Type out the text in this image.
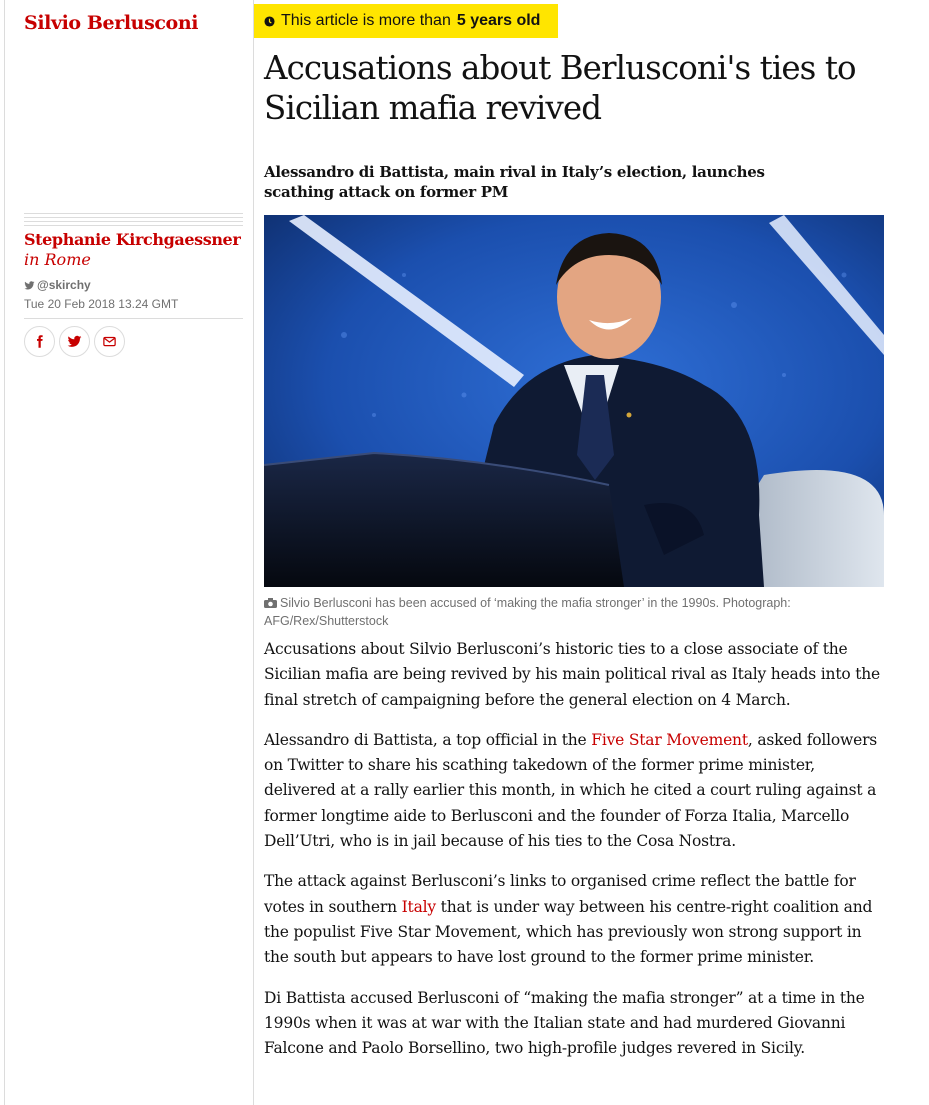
Silvio Berlusconi

Stephanie Kirchgaessner

in Rome

@skirchy
Tue 20 Feb 2018 13.24 GMT
This article is more than 5 years old
Accusations about Berlusconi's ties to Sicilian mafia revived

Alessandro di Battista, main rival in Italy’s election, launches scathing attack on former PM

Silvio Berlusconi has been accused of ‘making the mafia stronger’ in the 1990s. Photograph: AFG/Rex/Shutterstock

Accusations about Silvio Berlusconi’s historic ties to a close associate of the Sicilian mafia are being revived by his main political rival as Italy heads into the final stretch of campaigning before the general election on 4 March.

Alessandro di Battista, a top official in the Five Star Movement, asked followers on Twitter to share his scathing takedown of the former prime minister, delivered at a rally earlier this month, in which he cited a court ruling against a former longtime aide to Berlusconi and the founder of Forza Italia, Marcello Dell’Utri, who is in jail because of his ties to the Cosa Nostra.

The attack against Berlusconi’s links to organised crime reflect the battle for votes in southern Italy that is under way between his centre-right coalition and the populist Five Star Movement, which has previously won strong support in the south but appears to have lost ground to the former prime minister.

Di Battista accused Berlusconi of “making the mafia stronger” at a time in the 1990s when it was at war with the Italian state and had murdered Giovanni Falcone and Paolo Borsellino, two high-profile judges revered in Sicily.
